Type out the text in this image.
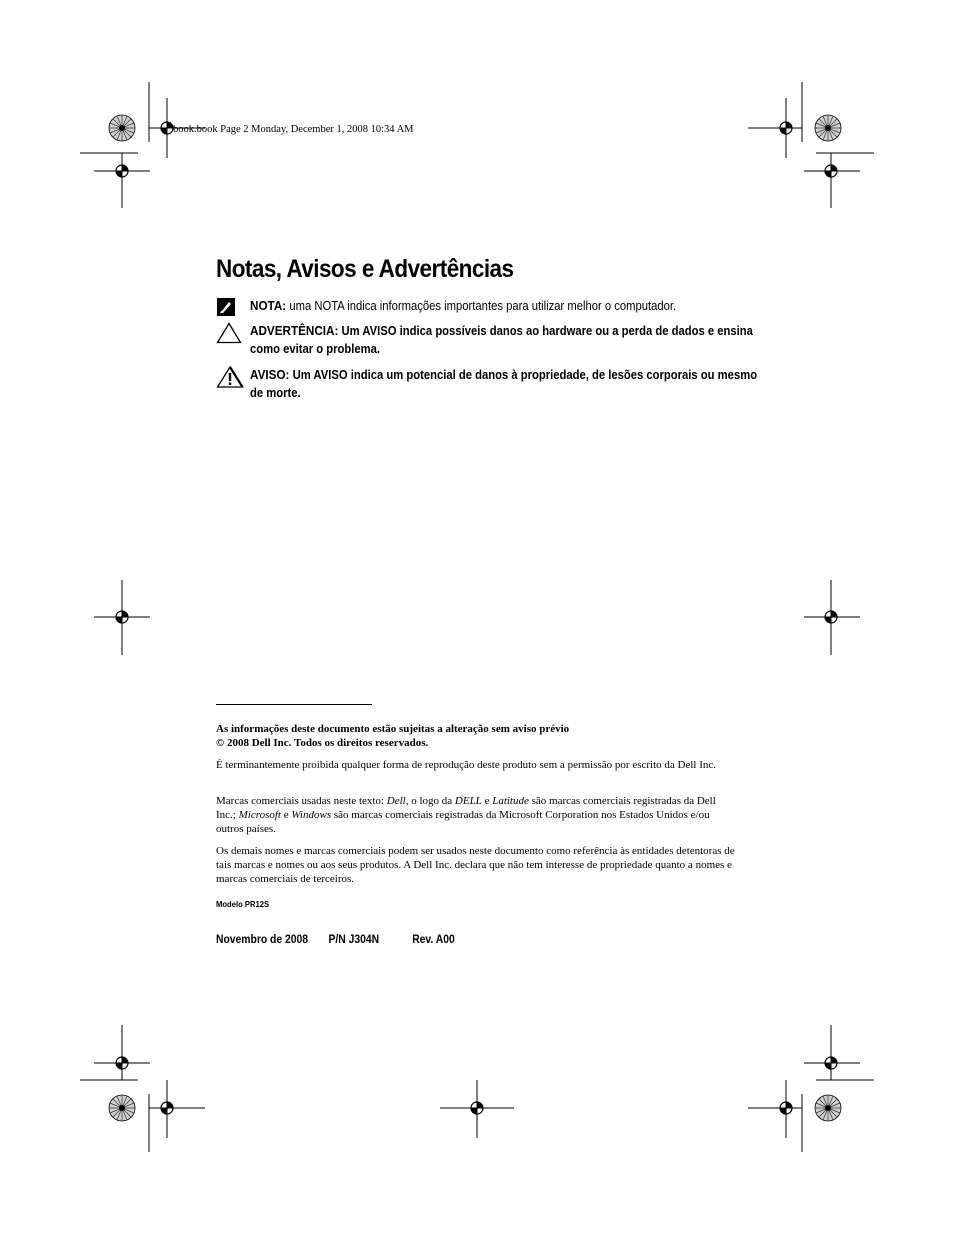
book.book Page 2 Monday, December 1, 2008 10:34 AM
Notas, Avisos e Advertências
NOTA: uma NOTA indica informações importantes para utilizar melhor o computador.
ADVERTÊNCIA: Um AVISO indica possíveis danos ao hardware ou a perda de dados e ensina como evitar o problema.
AVISO: Um AVISO indica um potencial de danos à propriedade, de lesões corporais ou mesmo de morte.

As informações deste documento estão sujeitas a alteração sem aviso prévio

© 2008 Dell Inc. Todos os direitos reservados.

É terminantemente proibida qualquer forma de reprodução deste produto sem a permissão por escrito da Dell Inc.

Marcas comerciais usadas neste texto: Dell, o logo da DELL e Latitude são marcas comerciais registradas da Dell Inc.; Microsoft e Windows são marcas comerciais registradas da Microsoft Corporation nos Estados Unidos e/ou outros países.

Os demais nomes e marcas comerciais podem ser usados neste documento como referência às entidades detentoras de tais marcas e nomes ou aos seus produtos. A Dell Inc. declara que não tem interesse de propriedade quanto a nomes e marcas comerciais de terceiros.

Modelo PR12S
Novembro de 2008 P/N J304N	Rev. A00
